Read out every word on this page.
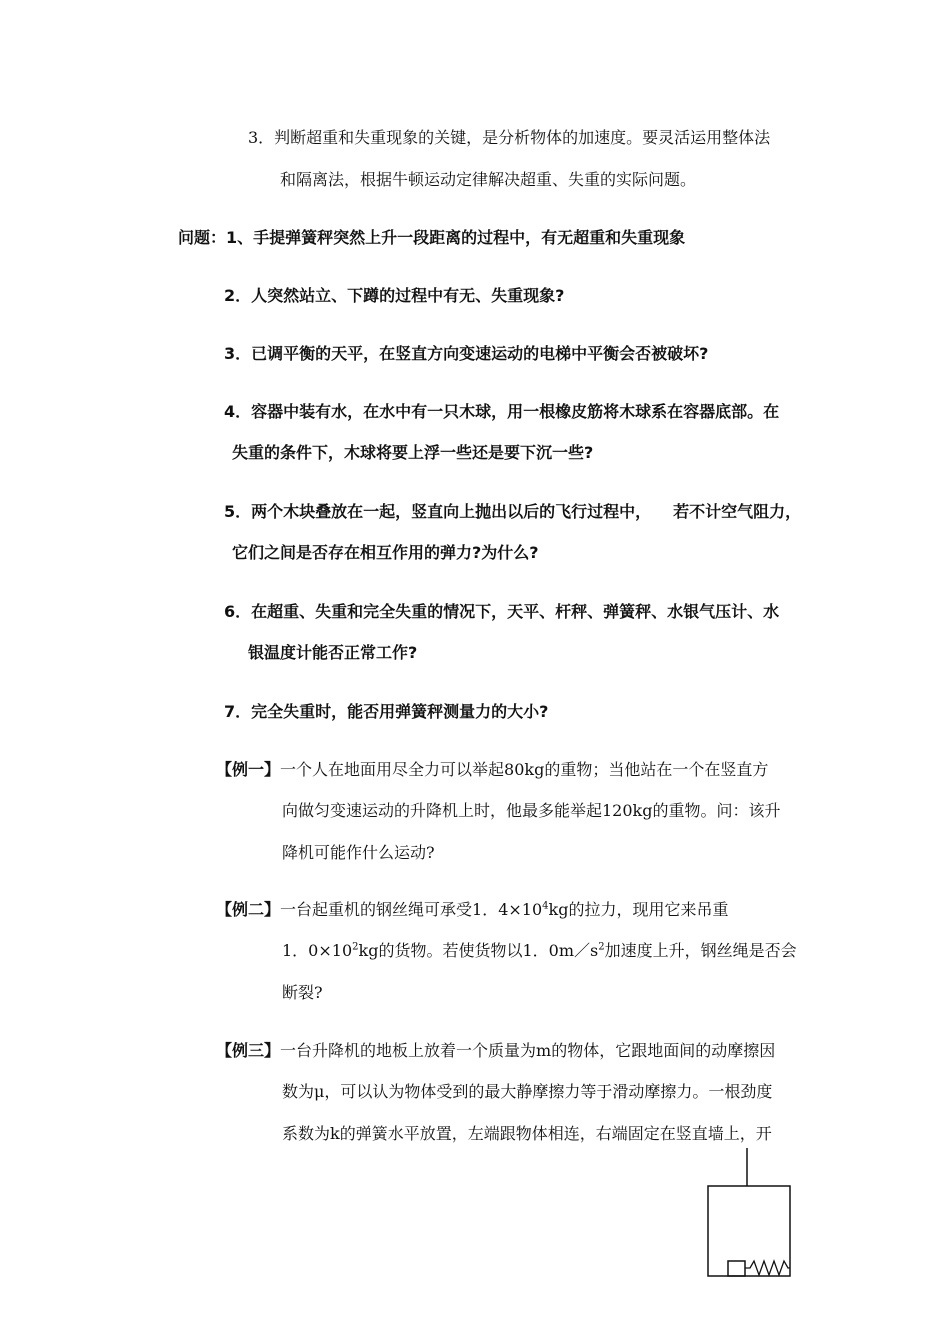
3．判断超重和失重现象的关键，是分析物体的加速度。要灵活运用整体法
和隔离法，根据牛顿运动定律解决超重、失重的实际问题。
问题：1、手提弹簧秤突然上升一段距离的过程中，有无超重和失重现象
2．人突然站立、下蹲的过程中有无、失重现象?
3．已调平衡的天平，在竖直方向变速运动的电梯中平衡会否被破坏?
4．容器中装有水，在水中有一只木球，用一根橡皮筋将木球系在容器底部。在
失重的条件下，木球将要上浮一些还是要下沉一些?
5．两个木块叠放在一起，竖直向上抛出以后的飞行过程中， 若不计空气阻力，
它们之间是否存在相互作用的弹力?为什么?
6．在超重、失重和完全失重的情况下，天平、杆秤、弹簧秤、水银气压计、水
银温度计能否正常工作?
7．完全失重时，能否用弹簧秤测量力的大小?
【例一】一个人在地面用尽全力可以举起80kg的重物；当他站在一个在竖直方
向做匀变速运动的升降机上时，他最多能举起120kg的重物。问：该升
降机可能作什么运动?
【例二】一台起重机的钢丝绳可承受1．$4\times 10^4kg$的拉力，现用它来吊重
1．$0\times 10^2kg$的货物。若使货物以1．$0m/s^2$加速度上升，钢丝绳是否会
断裂?
【例三】一台升降机的地板上放着一个质量为m的物体，它跟地面间的动摩擦因
数为μ，可以认为物体受到的最大静摩擦力等于滑动摩擦力。一根劲度
系数为k的弹簧水平放置，左端跟物体相连，右端固定在竖直墙上，开
